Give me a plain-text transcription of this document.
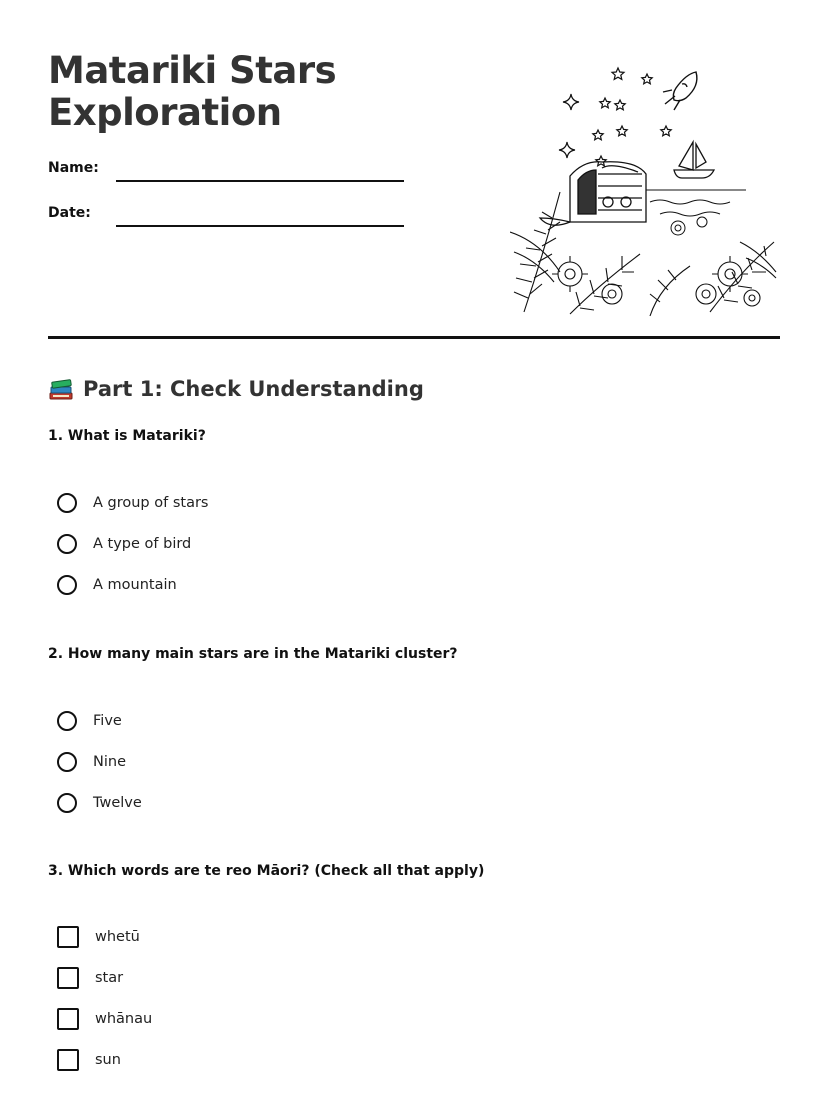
Matariki Stars
Exploration
Name:
Date:
Part 1: Check Understanding

1. What is Matariki?

A group of stars
A type of bird
A mountain

2. How many main stars are in the Matariki cluster?

Five
Nine
Twelve

3. Which words are te reo Māori? (Check all that apply)

whetū
star
whānau
sun
